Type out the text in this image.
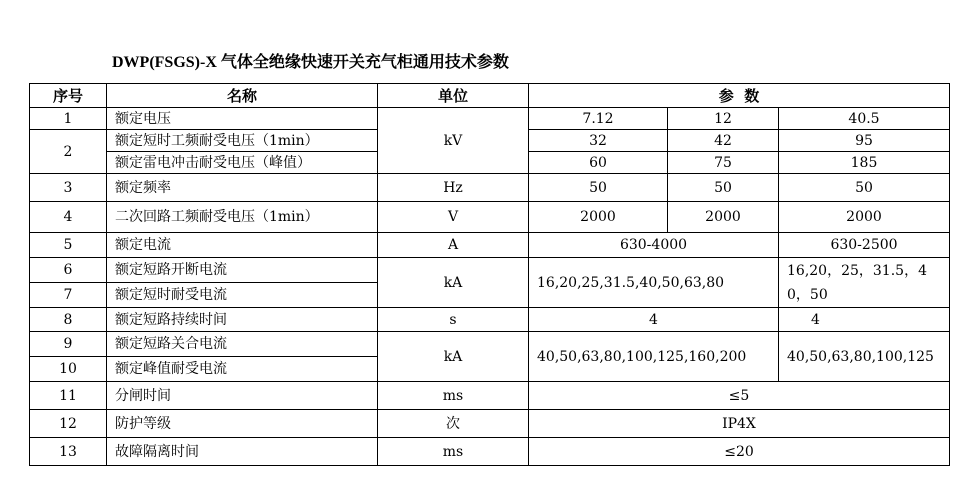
DWP(FSGS)-X 气体全绝缘快速开关充气柜通用技术参数
序号	名称	单位	参  数		
1	额定电压	kV	7.12	12	40.5
2	额定短时工频耐受电压（1min）		32	42	95
	额定雷电冲击耐受电压（峰值）		60	75	185
3	额定频率	Hz	50	50	50
4	二次回路工频耐受电压（1min）	V	2000	2000	2000
5	额定电流	A	630-4000		630-2500
6	额定短路开断电流	kA	16,20,25,31.5,40,50,63,80		16,20，25，31.5，40，50
7	额定短时耐受电流				
8	额定短路持续时间	s	4		4
9	额定短路关合电流	kA	40,50,63,80,100,125,160,200		40,50,63,80,100,125
10	额定峰值耐受电流				
11	分闸时间	ms	≤5		
12	防护等级	次	IP4X		
13	故障隔离时间	ms	≤20		
